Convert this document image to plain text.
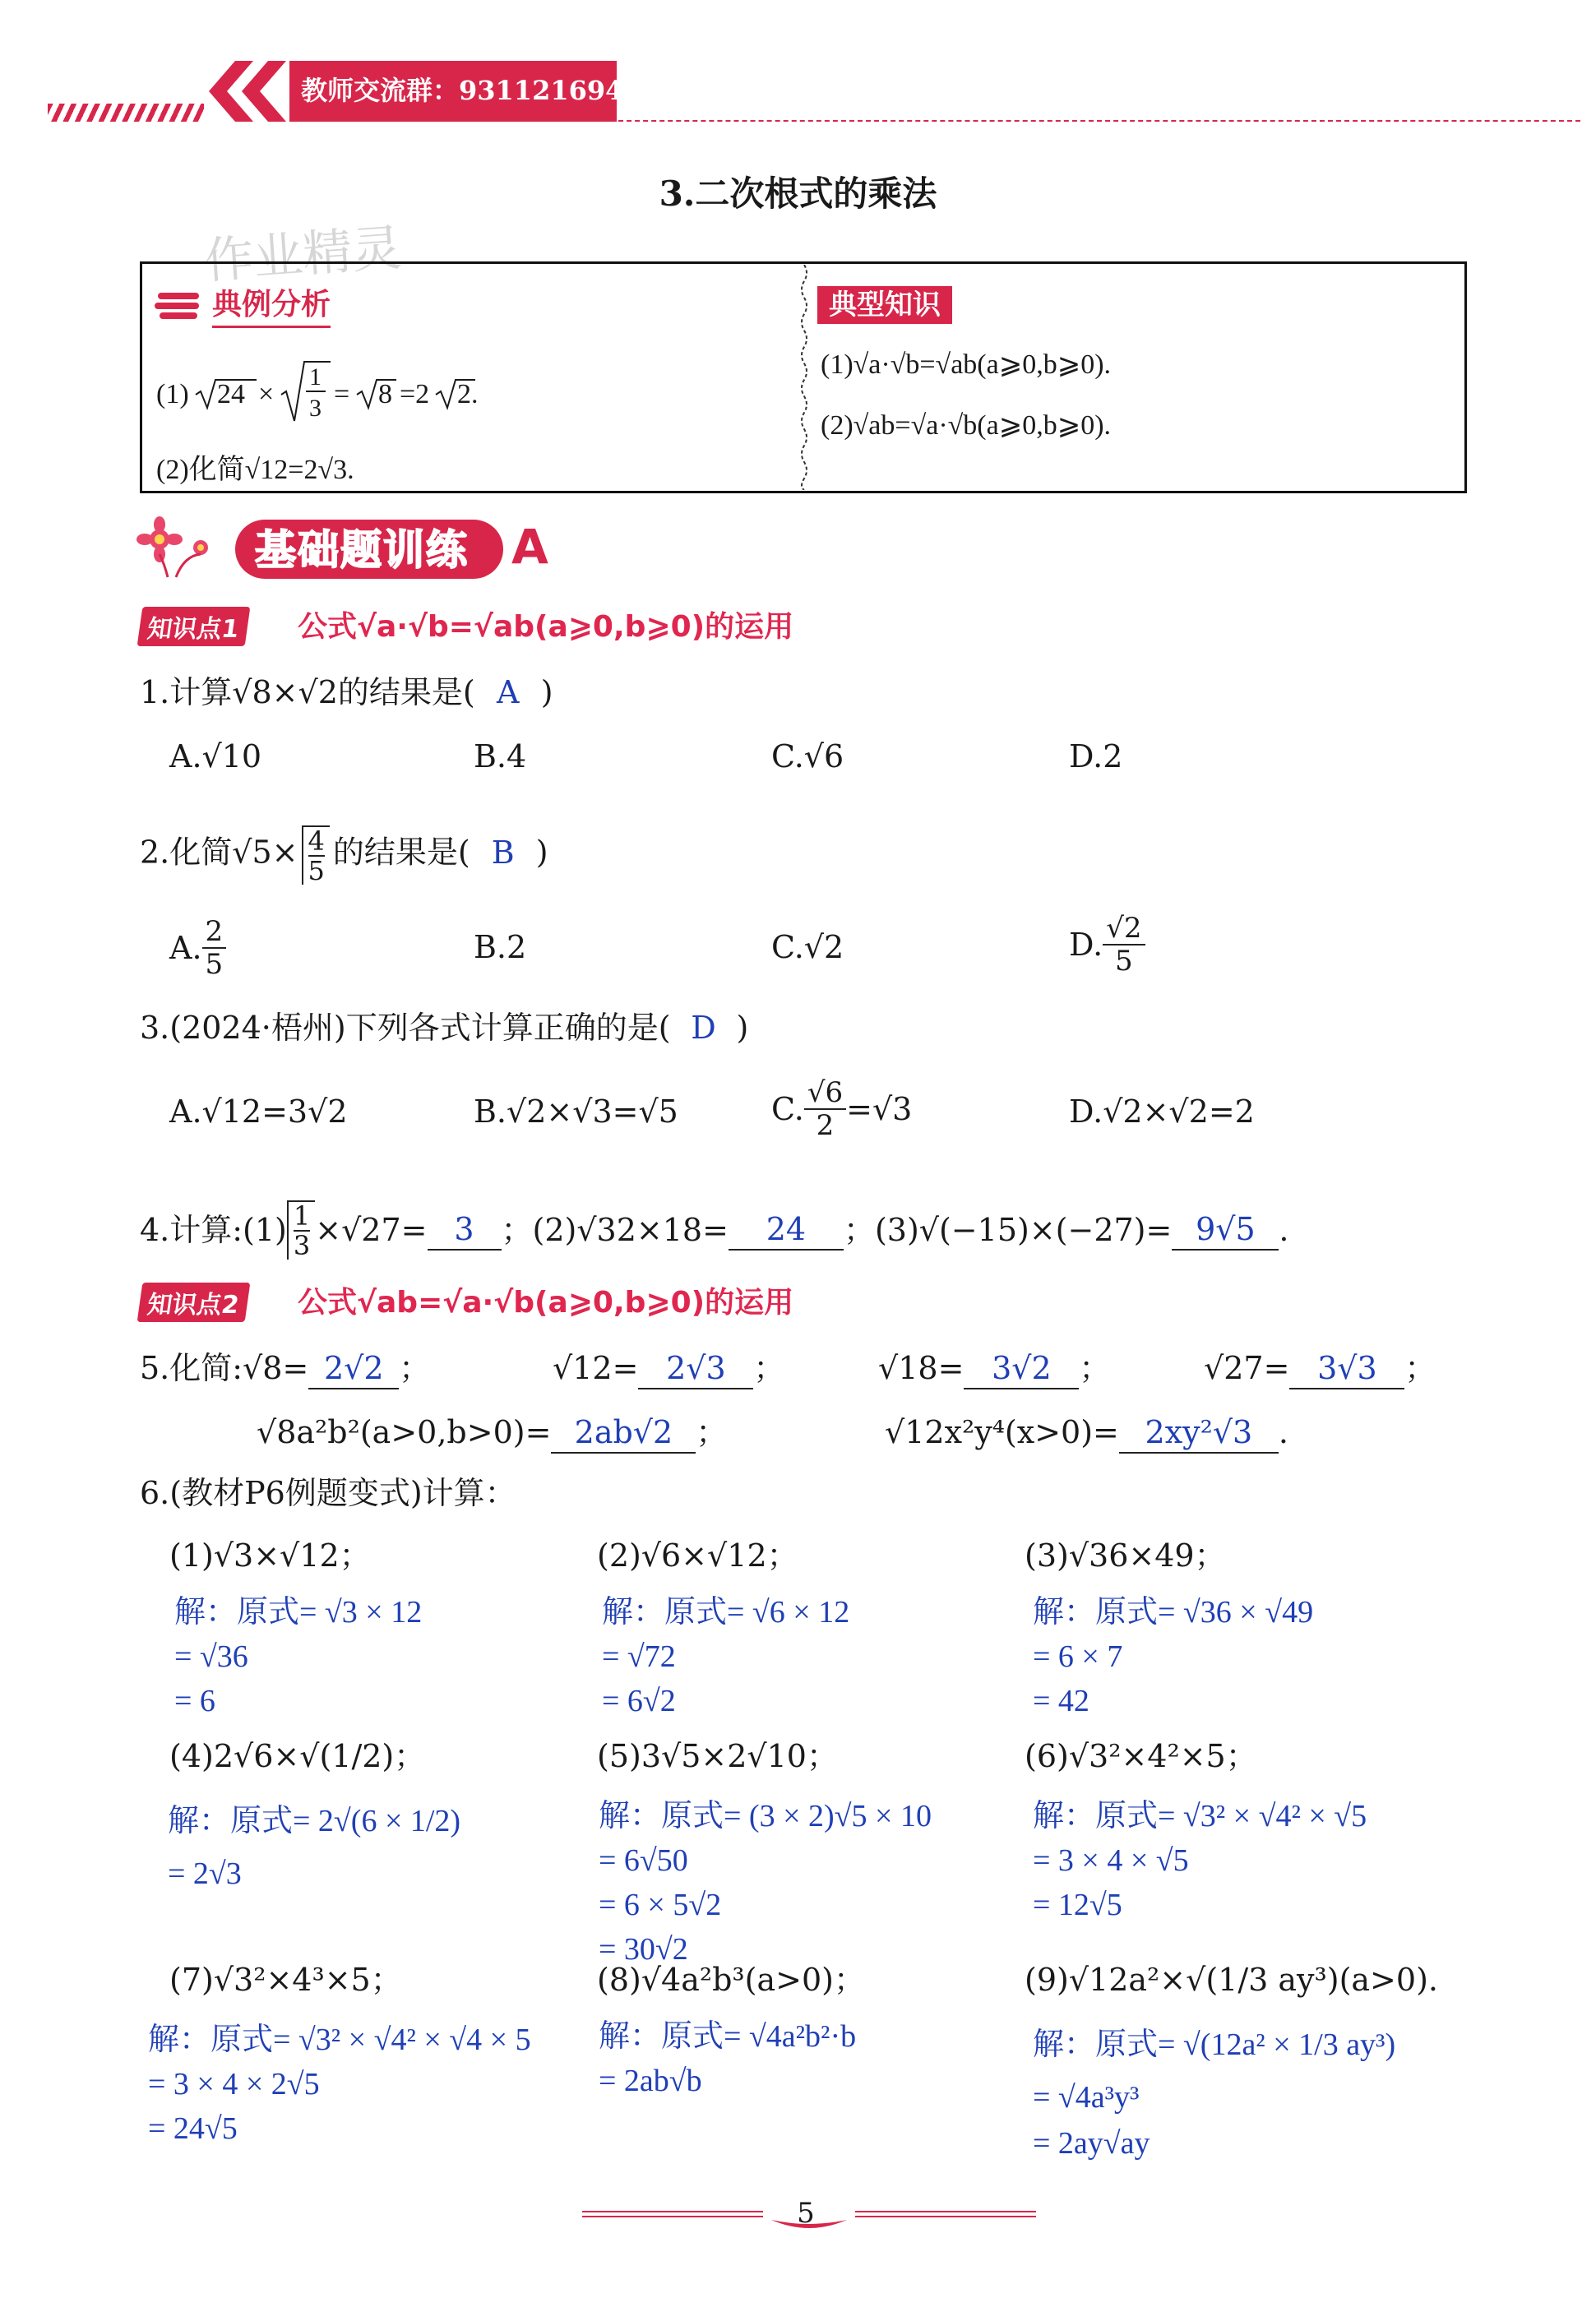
教师交流群：931121694
3.二次根式的乘法
作业精灵
典例分析
(1) 24 ×
1
3 = 8 =2 2.
(2)化简√12=2√3.
典型知识
(1)√a·√b=√ab(a⩾0,b⩾0).
(2)√ab=√a·√b(a⩾0,b⩾0).
基础题训练 A
知识点1	公式√a·√b=√ab(a⩾0,b⩾0)的运用
1.计算√8×√2的结果是( A )
A.√10	B.4	C.√6	D.2
2.化简$√5\times \frac{4}{5}$ 的结果是( B )
A. $\frac{2}{5}$	B.2	C.√2	D. $\frac{√2}{5}$
3.(2024·梧州)下列各式计算正确的是( D )
A.√12=3√2	B.√2×√3=√5	C. $\frac{√6}{2} =√3$	D.√2×√2=2
4.计算:(1) $\frac{1}{3} \times√27= 3$ ；(2)√32×18= 24 ；(3)√(−15)×(−27)= 9√5 .
知识点2	公式√ab=√a·√b(a⩾0,b⩾0)的运用
5.化简:√8= 2√2 ；	√12= 2√3 ；	√18= 3√2 ；	√27= 3√3 ；
√8a²b²(a>0,b>0)= 2ab√2 ；	√12x²y⁴(x>0)= 2xy²√3 .
6.(教材P6例题变式)计算：
(1)√3×√12；
解：原式= √3 × 12
= √36
= 6
(2)√6×√12；
解：原式= √6 × 12
= √72
= 6√2
(3)√36×49；
解：原式= √36 × √49
= 6 × 7
= 42
(4)2√6×√(1/2)；
解：原式= 2√(6 × 1/2)
= 2√3
(5)3√5×2√10；
解：原式= (3 × 2)√5 × 10
= 6√50
= 6 × 5√2
= 30√2
(6)√3²×4²×5；
解：原式= √3² × √4² × √5
= 3 × 4 × √5
= 12√5
(7)√3²×4³×5；
解：原式= √3² × √4² × √4 × 5
= 3 × 4 × 2√5
= 24√5
(8)√4a²b³(a>0)；
解：原式= √4a²b²·b
= 2ab√b
(9)√12a²×√(1/3 ay³)(a>0).
解：原式= √(12a² × 1/3 ay³)
= √4a³y³
= 2ay√ay
5
